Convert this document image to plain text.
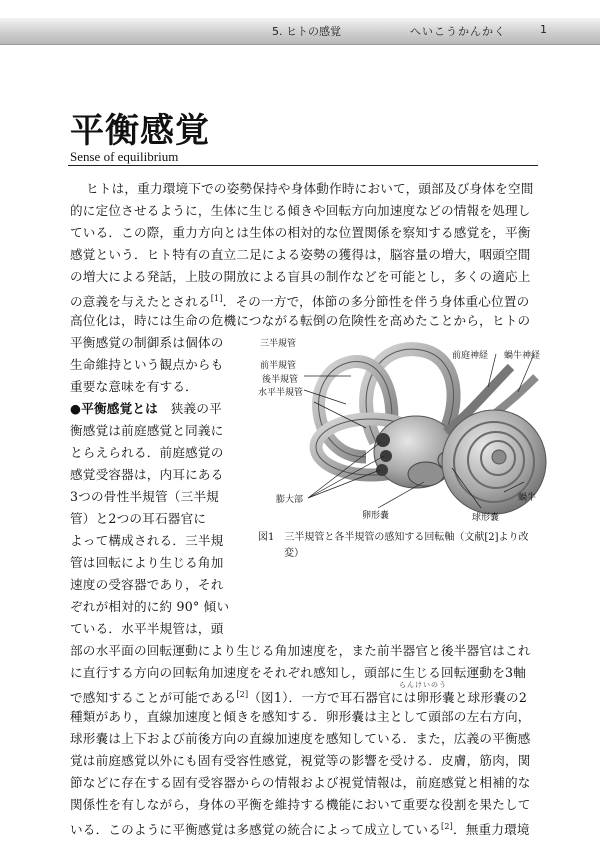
5. ヒトの感覚	へいこうかんかく	1
平衡感覚
Sense of equilibrium
ヒトは，重力環境下での姿勢保持や身体動作時において，頭部及び身体を空間
的に定位させるように，生体に生じる傾きや回転方向加速度などの情報を処理し
ている．この際，重力方向とは生体の相対的な位置関係を察知する感覚を，平衡
感覚という．ヒト特有の直立二足による姿勢の獲得は，脳容量の増大，咽頭空間
の増大による発話，上肢の開放による盲具の制作などを可能とし，多くの適応上
の意義を与えたとされる[1]．その一方で，体節の多分節性を伴う身体重心位置の
高位化は，時には生命の危機につながる転倒の危険性を高めたことから，ヒトの
平衡感覚の制御系は個体の
生命維持という観点からも
重要な意味を有する．
●平衡感覚とは　 狭義の平
衡感覚は前庭感覚と同義に
とらえられる．前庭感覚の
感覚受容器は，内耳にある
3つの骨性半規管（三半規
管）と2つの耳石器官に
よって構成される．三半規
管は回転により生じる角加
速度の受容器であり，それ
ぞれが相対的に約 90° 傾い
ている．水平半規管は，頭
部の水平面の回転運動により生じる角加速度を，また前半器官と後半器官はこれ
に直行する方向の回転角加速度をそれぞれ感知し，頭部に生じる回転運動を3軸
らんけいのう
で感知することが可能である[2]（図1）．一方で耳石器官には卵形嚢と球形嚢の2
種類があり，直線加速度と傾きを感知する．卵形嚢は主として頭部の左右方向，
球形嚢は上下および前後方向の直線加速度を感知している．また，広義の平衡感
覚は前庭感覚以外にも固有受容性感覚，視覚等の影響を受ける．皮膚，筋肉，関
節などに存在する固有受容器からの情報および視覚情報は，前庭感覚と相補的な
関係性を有しながら，身体の平衡を維持する機能において重要な役割を果たして
いる．このように平衡感覚は多感覚の統合によって成立している[2]．無重力環境
三半規管
前半規管
後半規管
水平半規管
前庭神経 蝸牛神経
蝸牛
膨大部
卵形嚢	球形嚢
図1　三半規管と各半規管の感知する回転軸（文献[2]より改
変）
